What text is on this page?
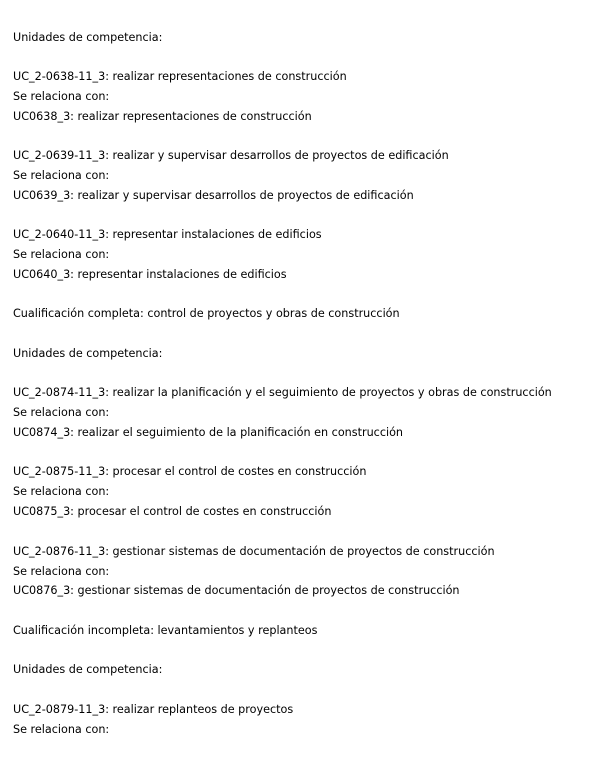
Unidades de competencia:
UC_2-0638-11_3: realizar representaciones de construcción
Se relaciona con:
UC0638_3: realizar representaciones de construcción
UC_2-0639-11_3: realizar y supervisar desarrollos de proyectos de edificación
Se relaciona con:
UC0639_3: realizar y supervisar desarrollos de proyectos de edificación
UC_2-0640-11_3: representar instalaciones de edificios
Se relaciona con:
UC0640_3: representar instalaciones de edificios
Cualificación completa: control de proyectos y obras de construcción
Unidades de competencia:
UC_2-0874-11_3: realizar la planificación y el seguimiento de proyectos y obras de construcción
Se relaciona con:
UC0874_3: realizar el seguimiento de la planificación en construcción
UC_2-0875-11_3: procesar el control de costes en construcción
Se relaciona con:
UC0875_3: procesar el control de costes en construcción
UC_2-0876-11_3: gestionar sistemas de documentación de proyectos de construcción
Se relaciona con:
UC0876_3: gestionar sistemas de documentación de proyectos de construcción
Cualificación incompleta: levantamientos y replanteos
Unidades de competencia:
UC_2-0879-11_3: realizar replanteos de proyectos
Se relaciona con:
